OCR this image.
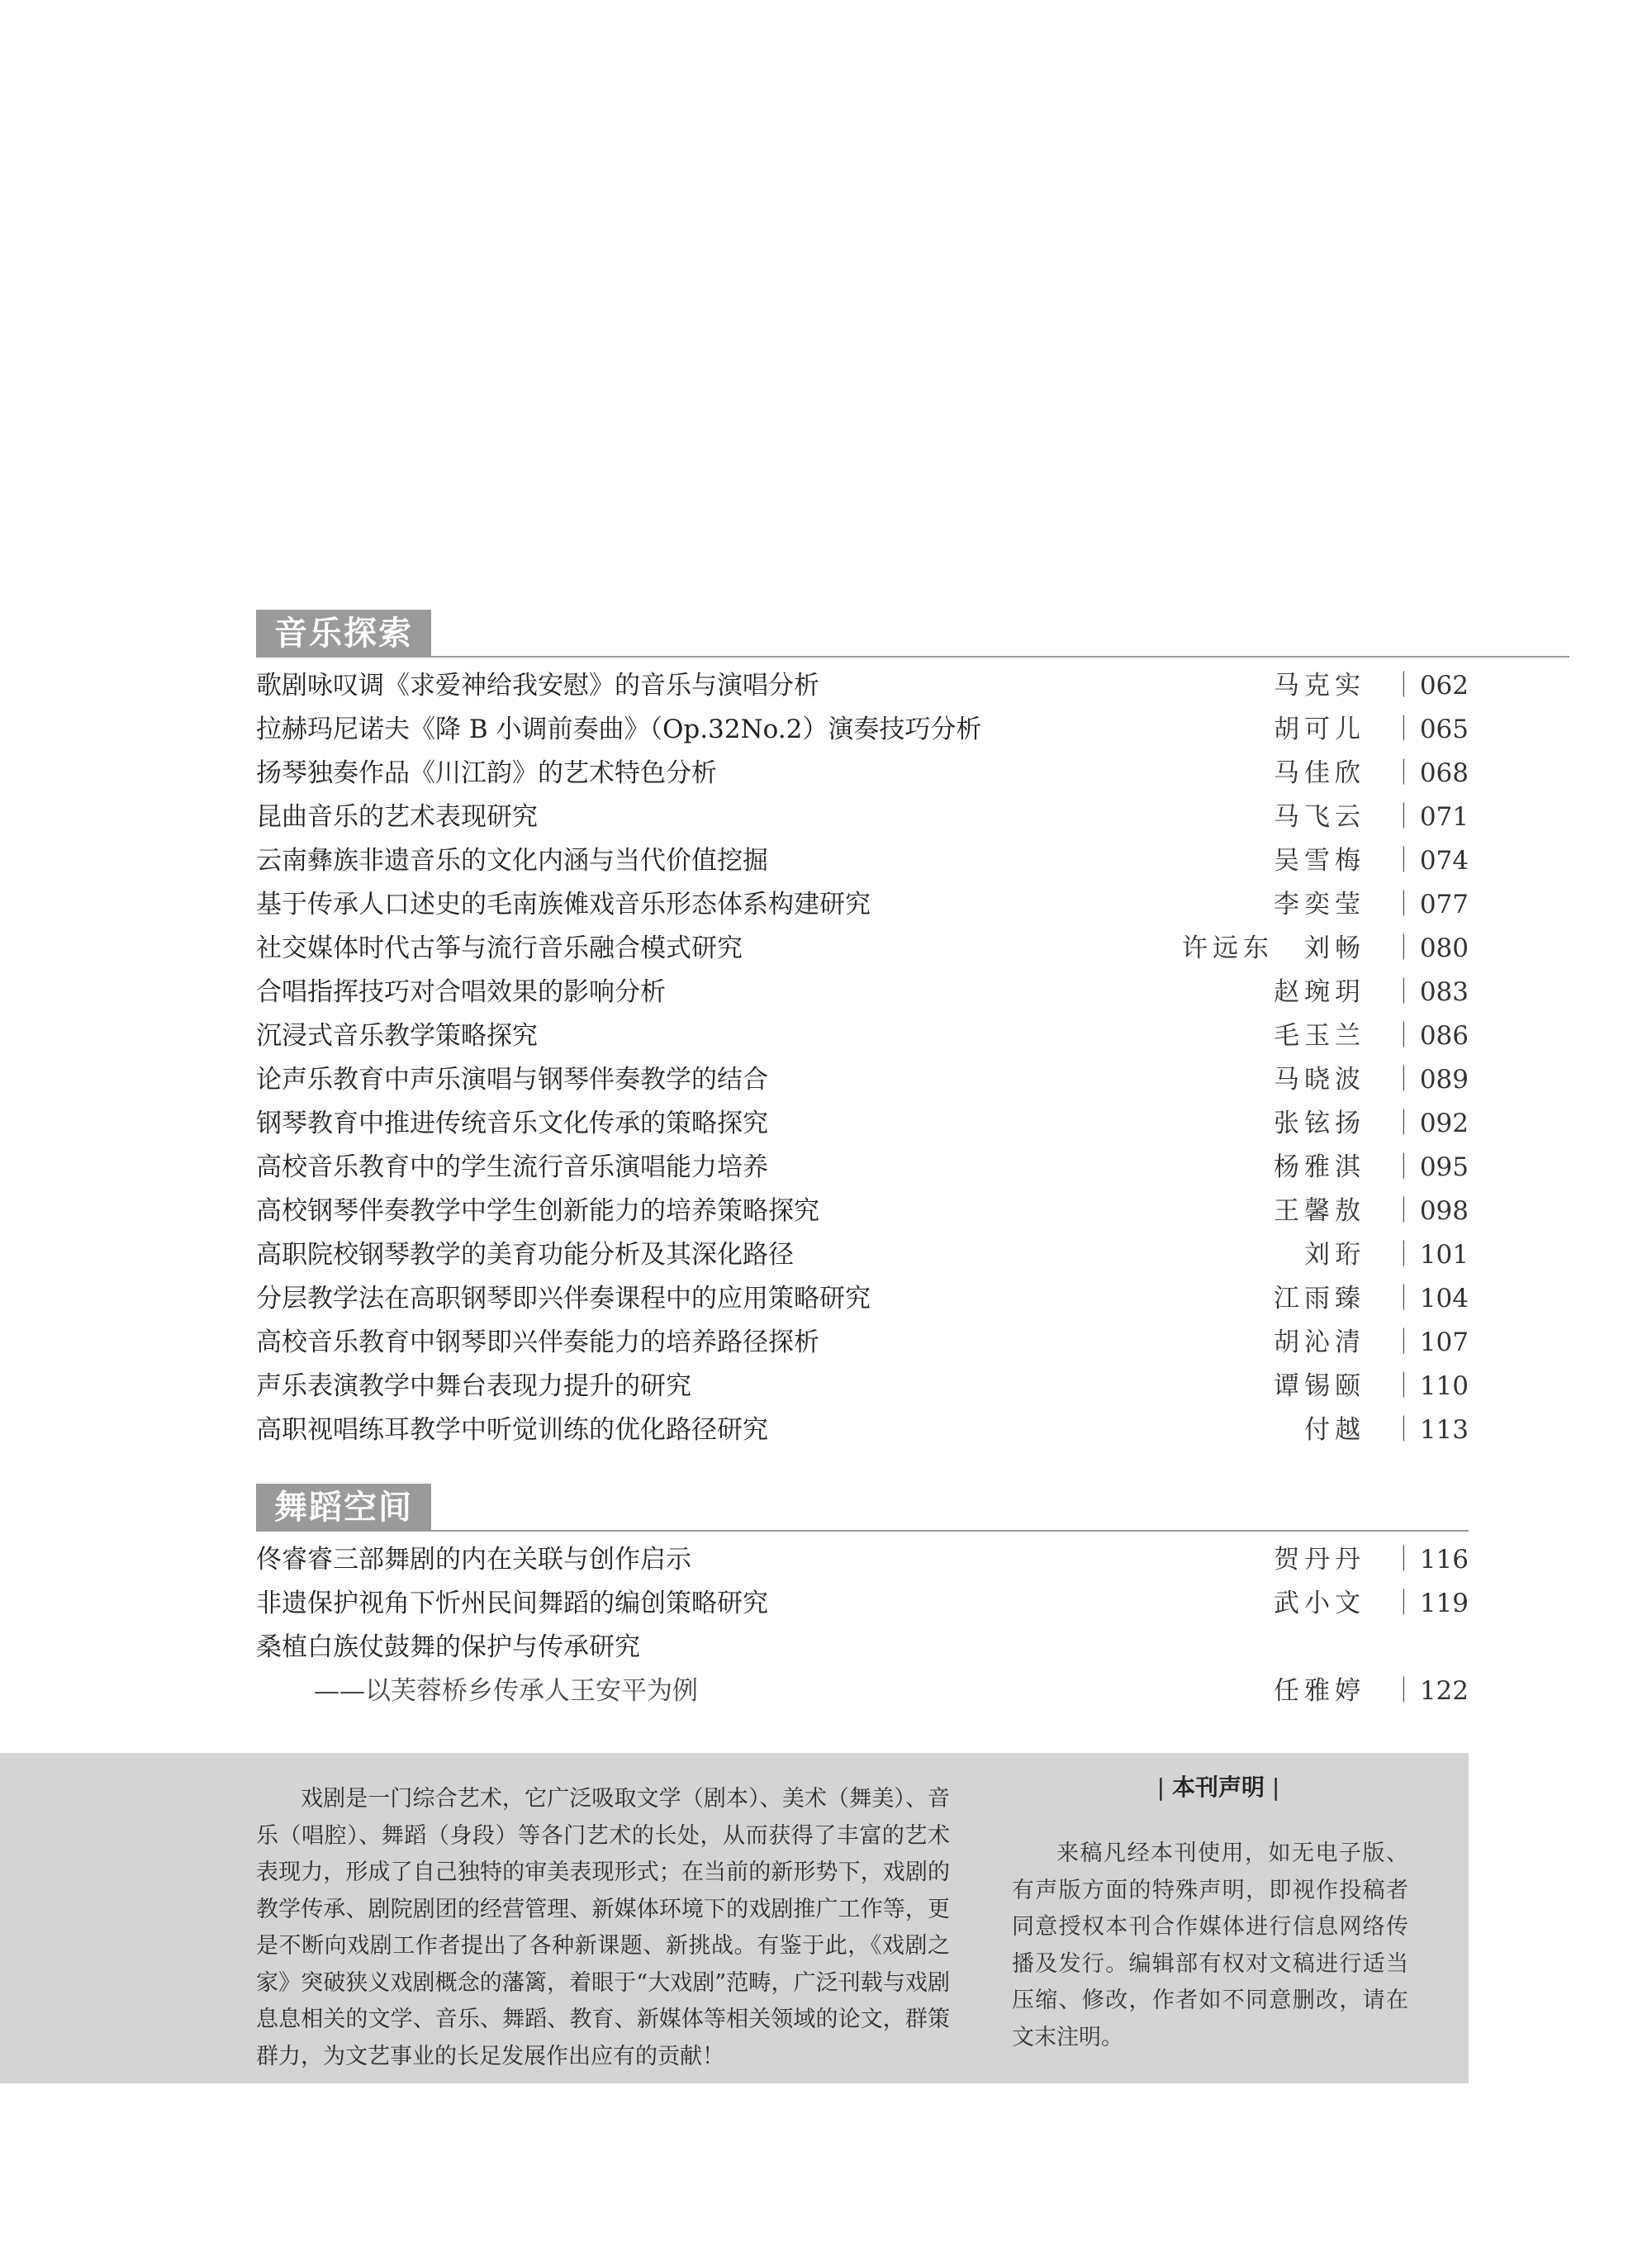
音乐探索
歌剧咏叹调《求爱神给我安慰》的音乐与演唱分析	马克实	｜ 062
拉赫玛尼诺夫《降 B 小调前奏曲》（Op.32No.2）演奏技巧分析	胡可儿	｜ 065
扬琴独奏作品《川江韵》的艺术特色分析	马佳欣	｜ 068
昆曲音乐的艺术表现研究	马飞云	｜ 071
云南彝族非遗音乐的文化内涵与当代价值挖掘	吴雪梅	｜ 074
基于传承人口述史的毛南族傩戏音乐形态体系构建研究	李奕莹	｜ 077
社交媒体时代古筝与流行音乐融合模式研究	许远东　刘畅	｜ 080
合唱指挥技巧对合唱效果的影响分析	赵琬玥	｜ 083
沉浸式音乐教学策略探究	毛玉兰	｜ 086
论声乐教育中声乐演唱与钢琴伴奏教学的结合	马晓波	｜ 089
钢琴教育中推进传统音乐文化传承的策略探究	张铉扬	｜ 092
高校音乐教育中的学生流行音乐演唱能力培养	杨雅淇	｜ 095
高校钢琴伴奏教学中学生创新能力的培养策略探究	王馨敖	｜ 098
高职院校钢琴教学的美育功能分析及其深化路径	刘珩	｜ 101
分层教学法在高职钢琴即兴伴奏课程中的应用策略研究	江雨臻	｜ 104
高校音乐教育中钢琴即兴伴奏能力的培养路径探析	胡沁清	｜ 107
声乐表演教学中舞台表现力提升的研究	谭锡颐	｜ 110
高职视唱练耳教学中听觉训练的优化路径研究	付越	｜ 113
舞蹈空间
佟睿睿三部舞剧的内在关联与创作启示	贺丹丹	｜ 116
非遗保护视角下忻州民间舞蹈的编创策略研究	武小文	｜ 119
桑植白族仗鼓舞的保护与传承研究
——以芙蓉桥乡传承人王安平为例	任雅婷	｜ 122

戏剧是一门综合艺术，它广泛吸取文学（剧本）、美术（舞美）、音乐（唱腔）、舞蹈（身段）等各门艺术的长处，从而获得了丰富的艺术表现力，形成了自己独特的审美表现形式；在当前的新形势下，戏剧的教学传承、剧院剧团的经营管理、新媒体环境下的戏剧推广工作等，更是不断向戏剧工作者提出了各种新课题、新挑战。有鉴于此，《戏剧之家》突破狭义戏剧概念的藩篱，着眼于“大戏剧”范畴，广泛刊载与戏剧息息相关的文学、音乐、舞蹈、教育、新媒体等相关领域的论文，群策群力，为文艺事业的长足发展作出应有的贡献！

| 本刊声明 |

来稿凡经本刊使用，如无电子版、有声版方面的特殊声明，即视作投稿者同意授权本刊合作媒体进行信息网络传播及发行。编辑部有权对文稿进行适当压缩、修改，作者如不同意删改，请在文末注明。
